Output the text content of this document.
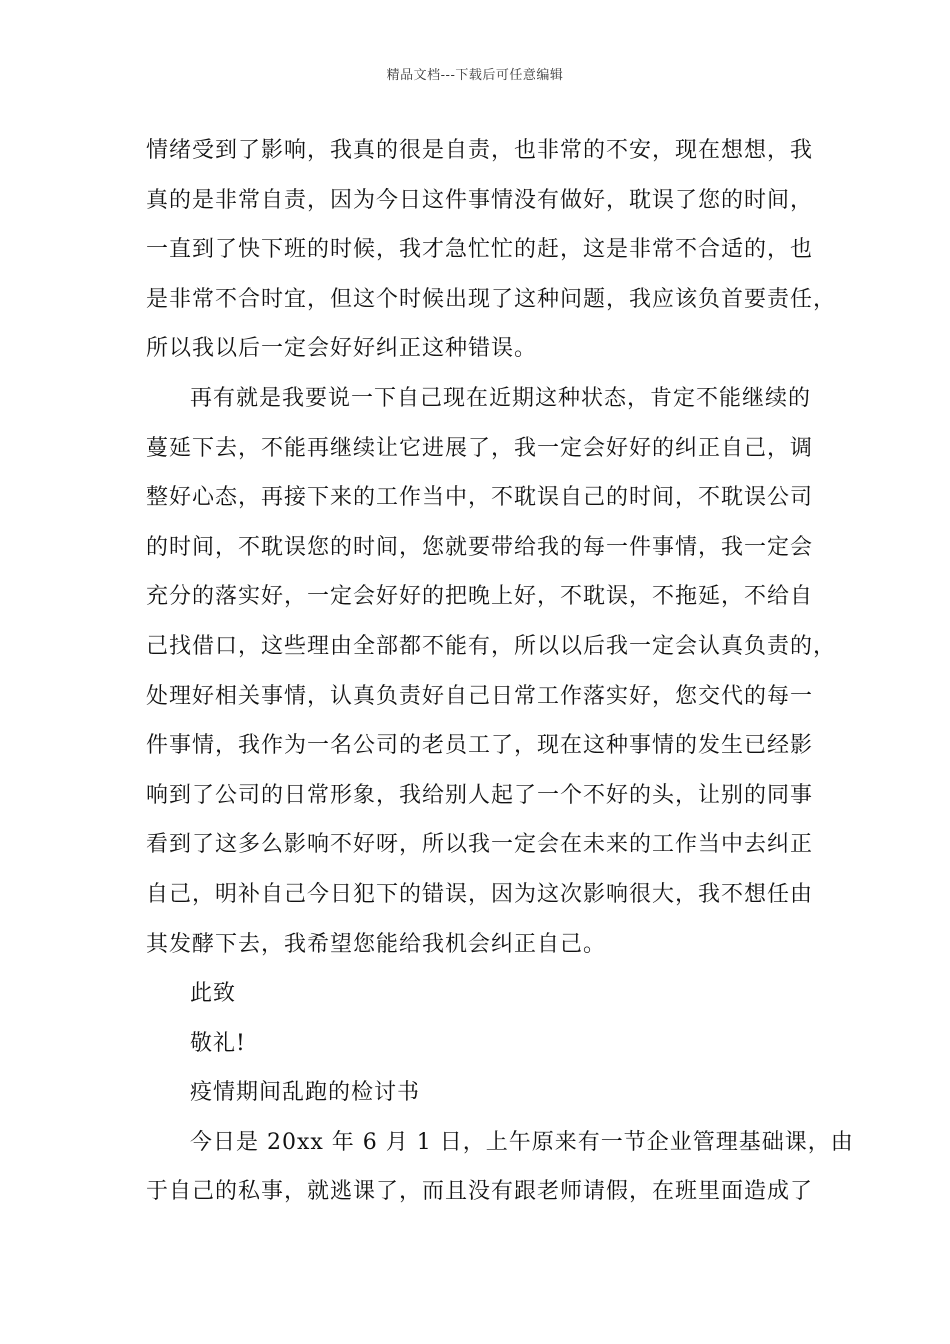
精品文档---下载后可任意编辑
情绪受到了影响，我真的很是自责，也非常的不安，现在想想，我
真的是非常自责，因为今日这件事情没有做好，耽误了您的时间，
一直到了快下班的时候，我才急忙忙的赶，这是非常不合适的，也
是非常不合时宜，但这个时候出现了这种问题，我应该负首要责任，
所以我以后一定会好好纠正这种错误。
再有就是我要说一下自己现在近期这种状态，肯定不能继续的
蔓延下去，不能再继续让它进展了，我一定会好好的纠正自己，调
整好心态，再接下来的工作当中，不耽误自己的时间，不耽误公司
的时间，不耽误您的时间，您就要带给我的每一件事情，我一定会
充分的落实好，一定会好好的把晚上好，不耽误，不拖延，不给自
己找借口，这些理由全部都不能有，所以以后我一定会认真负责的，
处理好相关事情，认真负责好自己日常工作落实好，您交代的每一
件事情，我作为一名公司的老员工了，现在这种事情的发生已经影
响到了公司的日常形象，我给别人起了一个不好的头，让别的同事
看到了这多么影响不好呀，所以我一定会在未来的工作当中去纠正
自己，明补自己今日犯下的错误，因为这次影响很大，我不想任由
其发酵下去，我希望您能给我机会纠正自己。
此致
敬礼!
疫情期间乱跑的检讨书
今日是 20xx 年 6 月 1 日，上午原来有一节企业管理基础课，由
于自己的私事，就逃课了，而且没有跟老师请假，在班里面造成了
